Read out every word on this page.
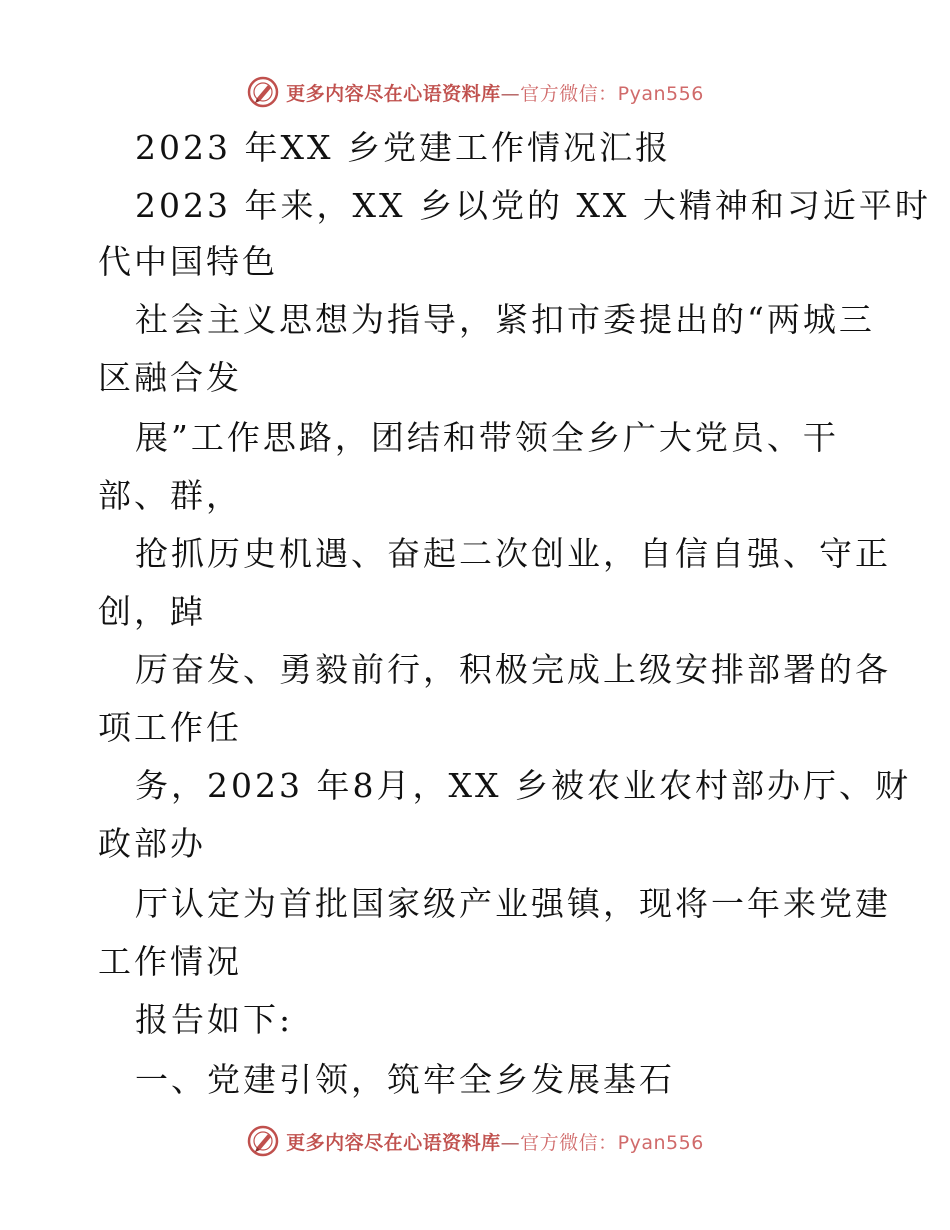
更多内容尽在心语资料库—官方微信：Pyan556
2023 年XX 乡党建工作情况汇报
2023 年来，XX 乡以党的 XX 大精神和习近平时
代中国特色
社会主义思想为指导，紧扣市委提出的“两城三
区融合发
展”工作思路，团结和带领全乡广大党员、干
部、群，
抢抓历史机遇、奋起二次创业，自信自强、守正
创，踔
厉奋发、勇毅前行，积极完成上级安排部署的各
项工作任
务，2023 年8月，XX 乡被农业农村部办厅、财
政部办
厅认定为首批国家级产业强镇，现将一年来党建
工作情况
报告如下:
一、党建引领，筑牢全乡发展基石
更多内容尽在心语资料库—官方微信：Pyan556
